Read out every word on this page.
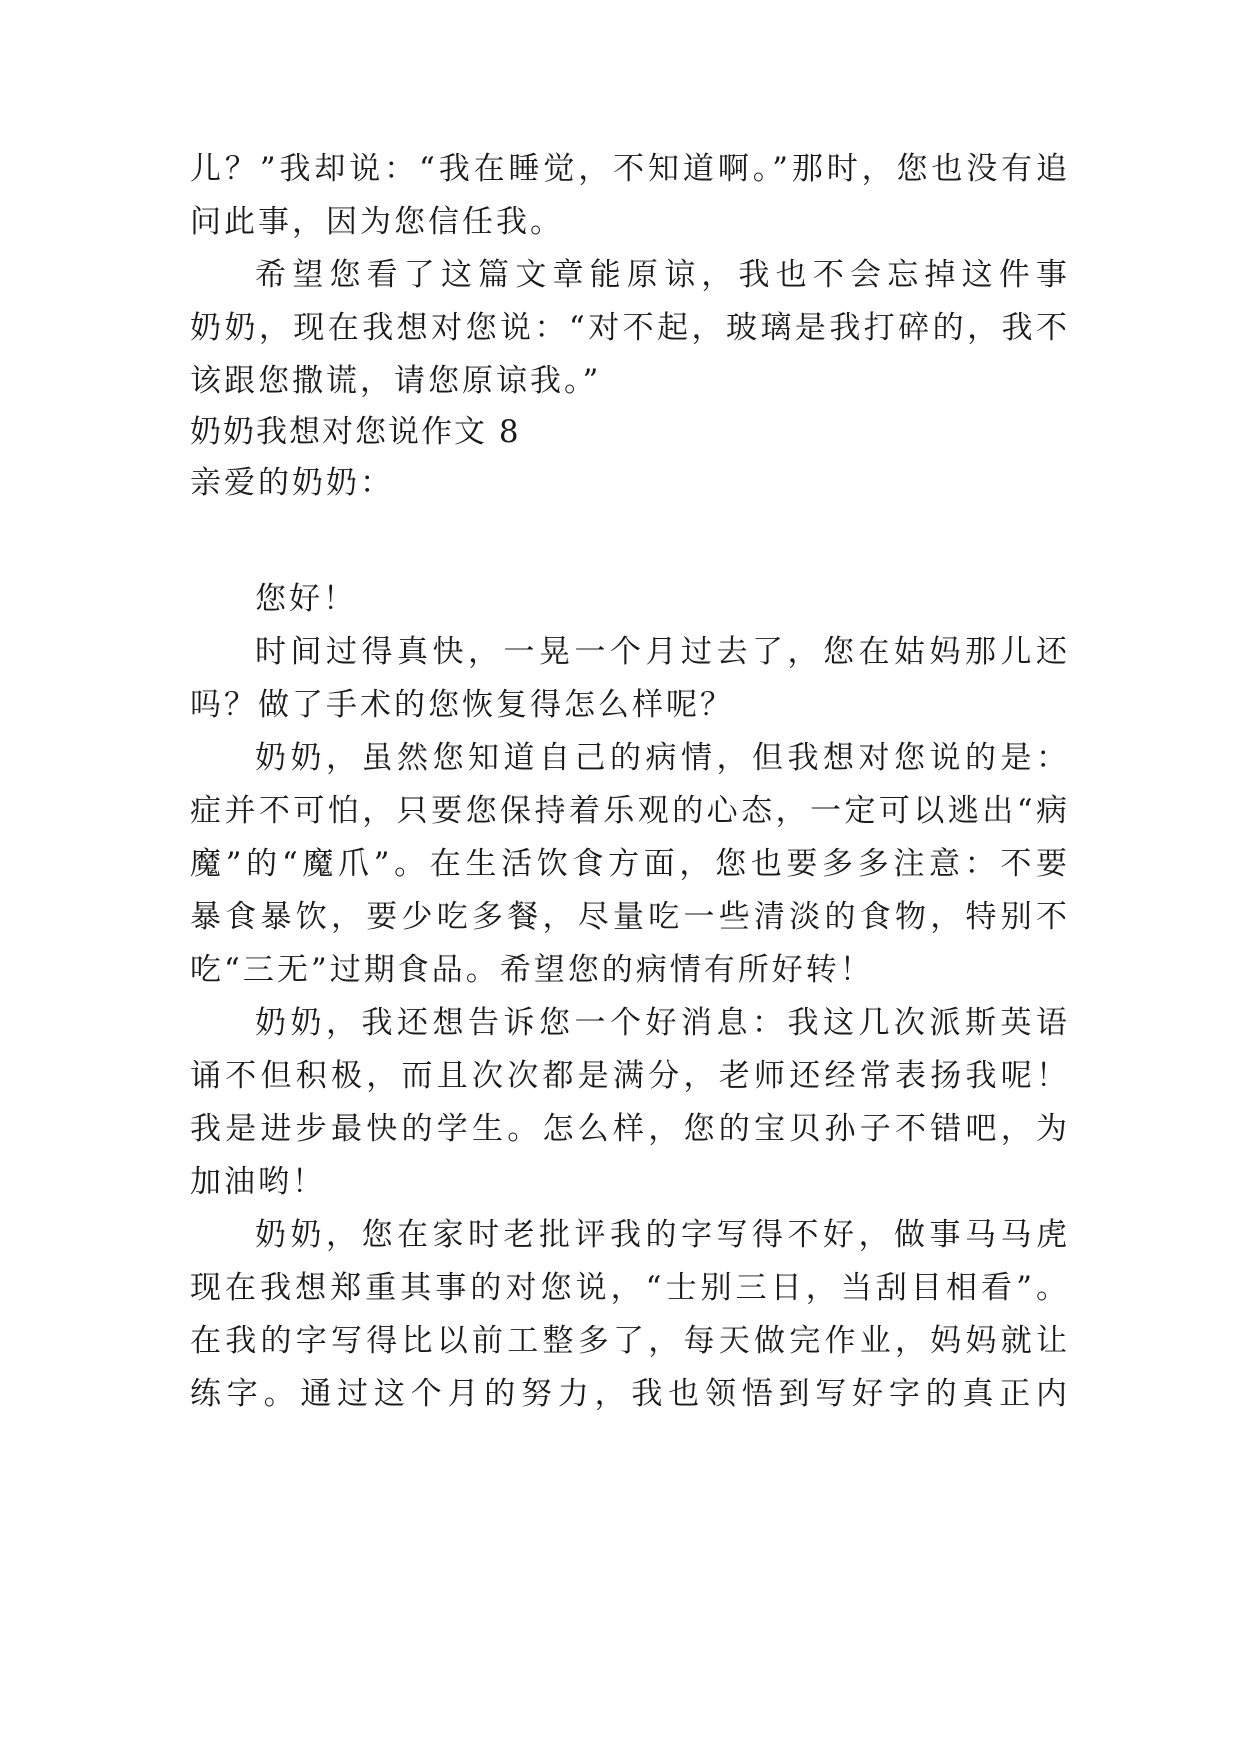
儿？”我却说：“我在睡觉，不知道啊。”那时，您也没有追
问此事，因为您信任我。
希望您看了这篇文章能原谅，我也不会忘掉这件事
奶奶，现在我想对您说：“对不起，玻璃是我打碎的，我不
该跟您撒谎，请您原谅我。”
奶奶我想对您说作文 8
亲爱的奶奶：
您好！
时间过得真快，一晃一个月过去了，您在姑妈那儿还
吗？做了手术的您恢复得怎么样呢？
奶奶，虽然您知道自己的病情，但我想对您说的是：
症并不可怕，只要您保持着乐观的心态，一定可以逃出“病
魔”的“魔爪”。在生活饮食方面，您也要多多注意：不要
暴食暴饮，要少吃多餐，尽量吃一些清淡的食物，特别不
吃“三无”过期食品。希望您的病情有所好转！
奶奶，我还想告诉您一个好消息：我这几次派斯英语
诵不但积极，而且次次都是满分，老师还经常表扬我呢！
我是进步最快的学生。怎么样，您的宝贝孙子不错吧，为
加油哟！
奶奶，您在家时老批评我的字写得不好，做事马马虎
现在我想郑重其事的对您说，“士别三日，当刮目相看”。
在我的字写得比以前工整多了，每天做完作业，妈妈就让
练字。通过这个月的努力，我也领悟到写好字的真正内
